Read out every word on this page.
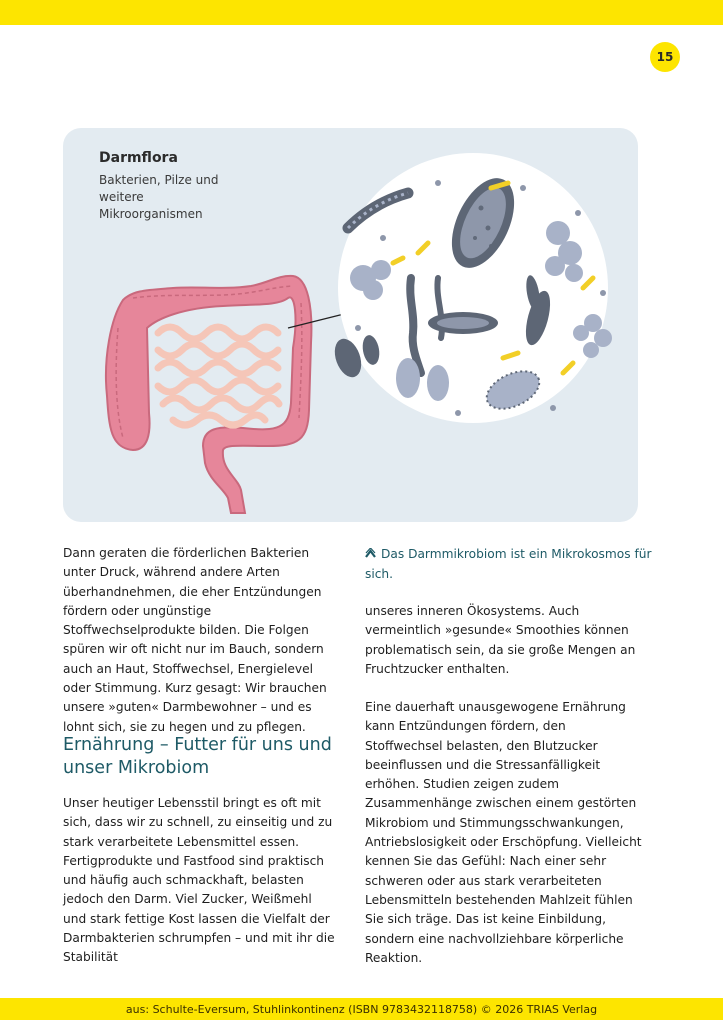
15
Darmflora
Bakterien, Pilze und weitere Mikroorganismen

Dann geraten die förderlichen Bakterien unter Druck, während andere Arten überhandnehmen, die eher Entzündungen fördern oder ungünstige Stoffwechselprodukte bilden. Die Folgen spüren wir oft nicht nur im Bauch, sondern auch an Haut, Stoffwechsel, Energielevel oder Stimmung. Kurz gesagt: Wir brauchen unsere »guten« Darmbewohner – und es lohnt sich, sie zu hegen und zu pflegen.

Ernährung – Futter für uns und unser Mikrobiom

Unser heutiger Lebensstil bringt es oft mit sich, dass wir zu schnell, zu einseitig und zu stark verarbeitete Lebensmittel essen. Fertigprodukte und Fastfood sind praktisch und häufig auch schmackhaft, belasten jedoch den Darm. Viel Zucker, Weißmehl und stark fettige Kost lassen die Vielfalt der Darmbakterien schrumpfen – und mit ihr die Stabilität

Das Darmmikrobiom ist ein Mikrokosmos für sich.

unseres inneren Ökosystems. Auch vermeintlich »gesunde« Smoothies können problematisch sein, da sie große Mengen an Fruchtzucker enthalten.

Eine dauerhaft unausgewogene Ernährung kann Entzündungen fördern, den Stoffwechsel belasten, den Blutzucker beeinflussen und die Stressanfälligkeit erhöhen. Studien zeigen zudem Zusammenhänge zwischen einem gestörten Mikrobiom und Stimmungsschwankungen, Antriebslosigkeit oder Erschöpfung. Vielleicht kennen Sie das Gefühl: Nach einer sehr schweren oder aus stark verarbeiteten Lebensmitteln bestehenden Mahlzeit fühlen Sie sich träge. Das ist keine Einbildung, sondern eine nachvollziehbare körperliche Reaktion.

aus: Schulte-Eversum, Stuhlinkontinenz (ISBN 9783432118758) © 2026 TRIAS Verlag
